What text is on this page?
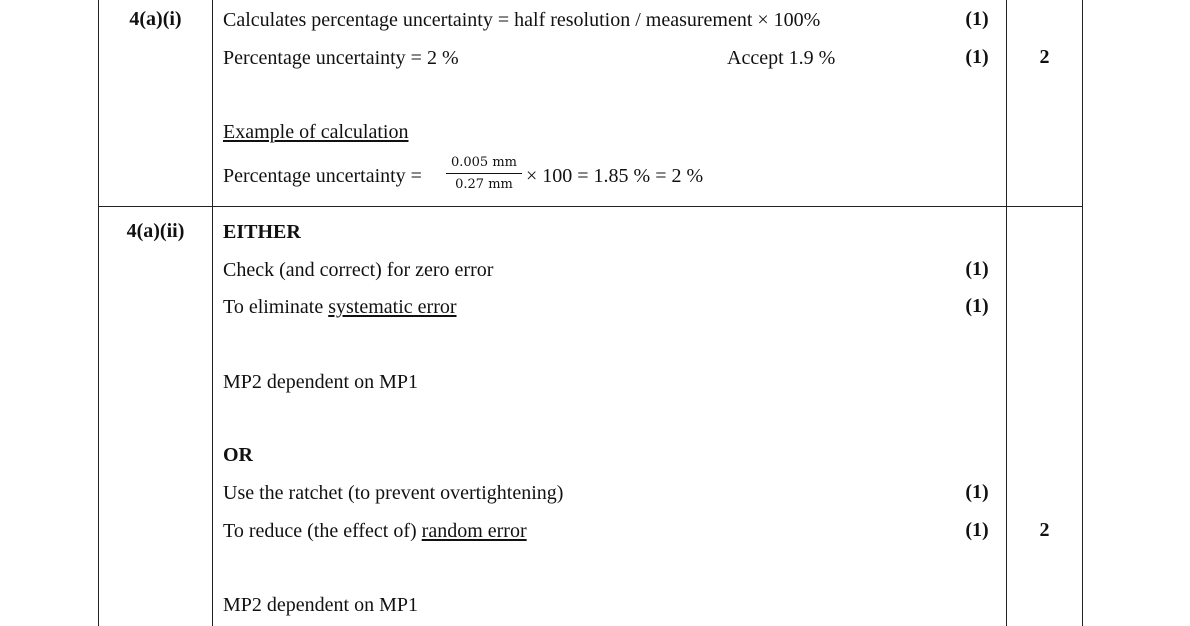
4(a)(i)	Calculates percentage uncertainty = half resolution / measurement × 100%	(1)
Percentage uncertainty = 2 %	Accept 1.9 %	(1)	2
Example of calculation
Percentage uncertainty =
0.005 mm
0.27 mm × 100 = 1.85 % = 2 %
4(a)(ii)	EITHER
Check (and correct) for zero error	(1)
To eliminate systematic error	(1)
MP2 dependent on MP1
OR
Use the ratchet (to prevent overtightening)	(1)
To reduce (the effect of) random error	(1)	2
MP2 dependent on MP1
